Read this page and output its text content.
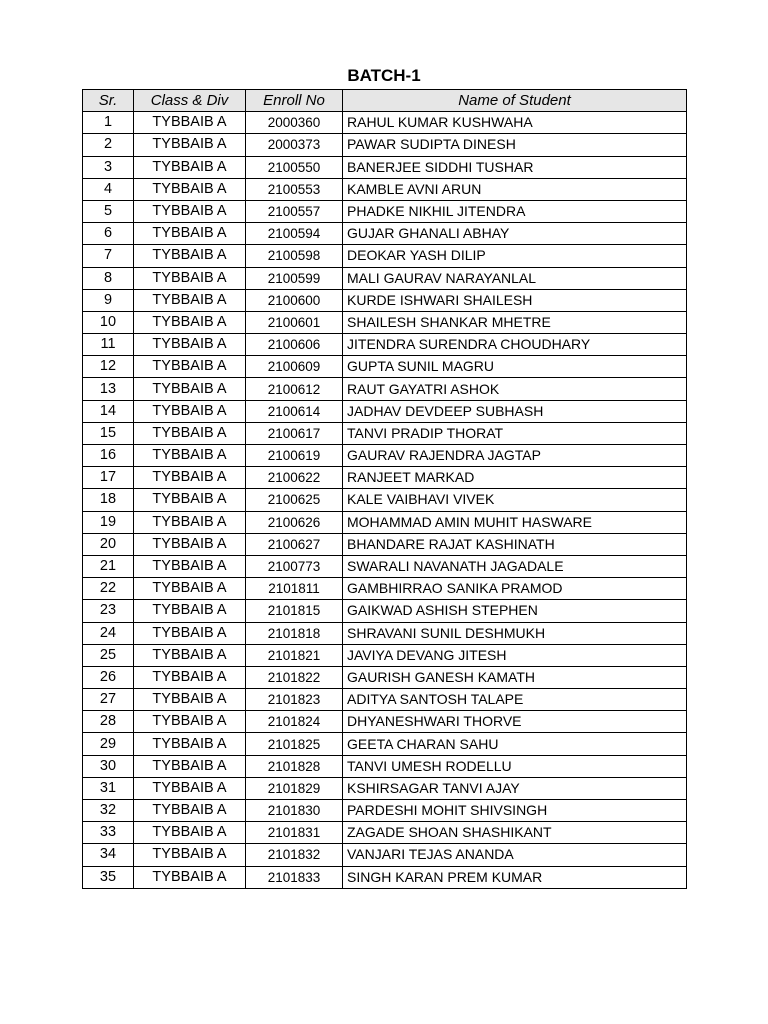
BATCH-1
Sr.	Class & Div	Enroll No	Name of Student
1	TYBBAIB A	2000360	RAHUL KUMAR KUSHWAHA
2	TYBBAIB A	2000373	PAWAR SUDIPTA DINESH
3	TYBBAIB A	2100550	BANERJEE SIDDHI TUSHAR
4	TYBBAIB A	2100553	KAMBLE AVNI ARUN
5	TYBBAIB A	2100557	PHADKE NIKHIL JITENDRA
6	TYBBAIB A	2100594	GUJAR GHANALI ABHAY
7	TYBBAIB A	2100598	DEOKAR YASH DILIP
8	TYBBAIB A	2100599	MALI GAURAV NARAYANLAL
9	TYBBAIB A	2100600	KURDE ISHWARI SHAILESH
10	TYBBAIB A	2100601	SHAILESH SHANKAR MHETRE
11	TYBBAIB A	2100606	JITENDRA SURENDRA CHOUDHARY
12	TYBBAIB A	2100609	GUPTA SUNIL MAGRU
13	TYBBAIB A	2100612	RAUT GAYATRI ASHOK
14	TYBBAIB A	2100614	JADHAV DEVDEEP SUBHASH
15	TYBBAIB A	2100617	TANVI PRADIP THORAT
16	TYBBAIB A	2100619	GAURAV RAJENDRA JAGTAP
17	TYBBAIB A	2100622	RANJEET MARKAD
18	TYBBAIB A	2100625	KALE VAIBHAVI VIVEK
19	TYBBAIB A	2100626	MOHAMMAD AMIN MUHIT HASWARE
20	TYBBAIB A	2100627	BHANDARE RAJAT KASHINATH
21	TYBBAIB A	2100773	SWARALI NAVANATH JAGADALE
22	TYBBAIB A	2101811	GAMBHIRRAO SANIKA PRAMOD
23	TYBBAIB A	2101815	GAIKWAD ASHISH STEPHEN
24	TYBBAIB A	2101818	SHRAVANI SUNIL DESHMUKH
25	TYBBAIB A	2101821	JAVIYA DEVANG JITESH
26	TYBBAIB A	2101822	GAURISH GANESH KAMATH
27	TYBBAIB A	2101823	ADITYA SANTOSH TALAPE
28	TYBBAIB A	2101824	DHYANESHWARI THORVE
29	TYBBAIB A	2101825	GEETA CHARAN SAHU
30	TYBBAIB A	2101828	TANVI UMESH RODELLU
31	TYBBAIB A	2101829	KSHIRSAGAR TANVI AJAY
32	TYBBAIB A	2101830	PARDESHI MOHIT SHIVSINGH
33	TYBBAIB A	2101831	ZAGADE SHOAN SHASHIKANT
34	TYBBAIB A	2101832	VANJARI TEJAS ANANDA
35	TYBBAIB A	2101833	SINGH KARAN PREM KUMAR
